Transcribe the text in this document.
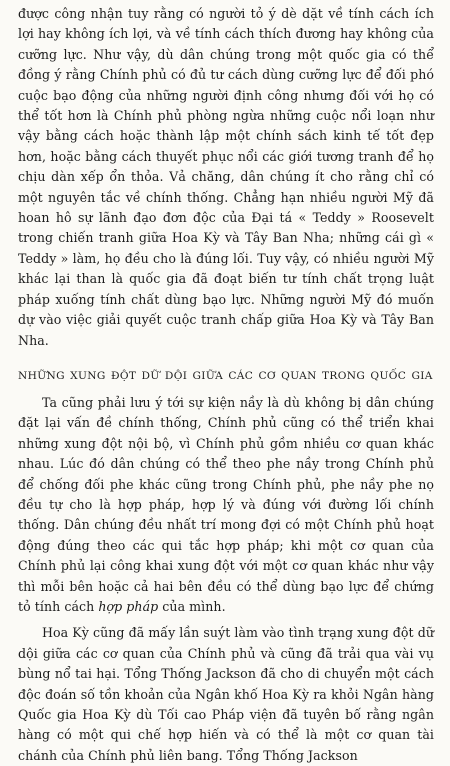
được công nhận tuy rằng có người tỏ ý dè dặt về tính cách ích lợi hay không ích lợi, và về tính cách thích đương hay không của cưỡng lực. Như vậy, dù dân chúng trong một quốc gia có thể đồng ý rằng Chính phủ có đủ tư cách dùng cưỡng lực để đối phó cuộc bạo động của những người định công nhưng đối với họ có thể tốt hơn là Chính phủ phòng ngừa những cuộc nổi loạn như vậy bằng cách hoặc thành lập một chính sách kinh tế tốt đẹp hơn, hoặc bằng cách thuyết phục nổi các giới tương tranh để họ chịu dàn xếp ổn thỏa. Vả chăng, dân chúng ít cho rằng chỉ có một nguyên tắc về chính thống. Chẳng hạn nhiều người Mỹ đã hoan hô sự lãnh đạo đơn độc của Đại tá « Teddy » Roosevelt trong chiến tranh giữa Hoa Kỳ và Tây Ban Nha; những cái gì « Teddy » làm, họ đều cho là đúng lối. Tuy vậy, có nhiều người Mỹ khác lại than là quốc gia đã đoạt biến tư tính chất trọng luật pháp xuống tính chất dùng bạo lực. Những người Mỹ đó muốn dự vào việc giải quyết cuộc tranh chấp giữa Hoa Kỳ và Tây Ban Nha.

NHỮNG XUNG ĐỘT DỮ DỘI GIỮA CÁC CƠ QUAN TRONG QUỐC GIA

Ta cũng phải lưu ý tới sự kiện nầy là dù không bị dân chúng đặt lại vấn đề chính thống, Chính phủ cũng có thể triển khai những xung đột nội bộ, vì Chính phủ gồm nhiều cơ quan khác nhau. Lúc đó dân chúng có thể theo phe nầy trong Chính phủ để chống đối phe khác cũng trong Chính phủ, phe nầy phe nọ đều tự cho là hợp pháp, hợp lý và đúng với đường lối chính thống. Dân chúng đều nhất trí mong đợi có một Chính phủ hoạt động đúng theo các qui tắc hợp pháp; khi một cơ quan của Chính phủ lại công khai xung đột với một cơ quan khác như vậy thì mỗi bên hoặc cả hai bên đều có thể dùng bạo lực để chứng tỏ tính cách hợp pháp của mình.

Hoa Kỳ cũng đã mấy lần suýt làm vào tình trạng xung đột dữ dội giữa các cơ quan của Chính phủ và cũng đã trải qua vài vụ bùng nổ tai hại. Tổng Thống Jackson đã cho di chuyển một cách độc đoán số tồn khoản của Ngân khố Hoa Kỳ ra khỏi Ngân hàng Quốc gia Hoa Kỳ dù Tối cao Pháp viện đã tuyên bố rằng ngân hàng có một qui chế hợp hiến và có thể là một cơ quan tài chánh của Chính phủ liên bang. Tổng Thống Jackson
